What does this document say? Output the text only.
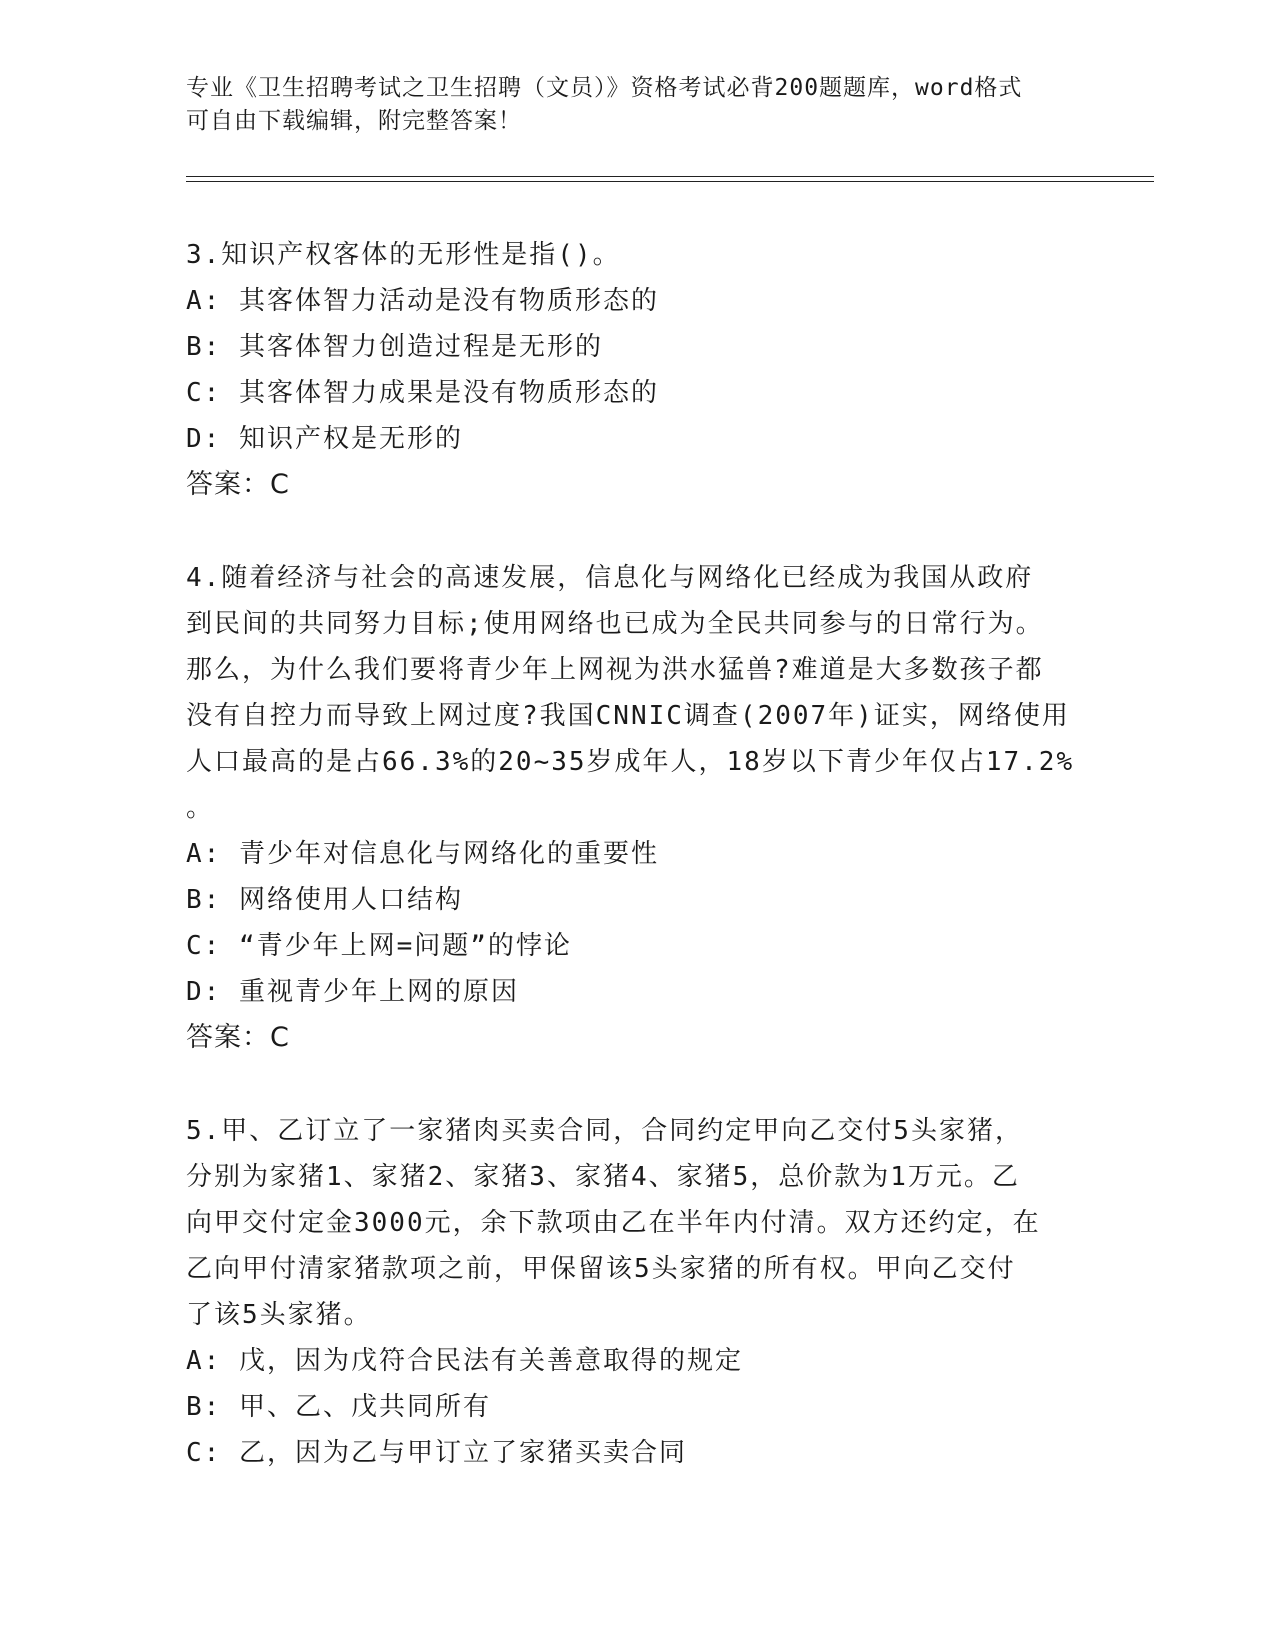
专业《卫生招聘考试之卫生招聘（文员）》资格考试必背200题题库，word格式
可自由下载编辑，附完整答案！
3.知识产权客体的无形性是指()。
A: 其客体智力活动是没有物质形态的
B: 其客体智力创造过程是无形的
C: 其客体智力成果是没有物质形态的
D: 知识产权是无形的
答案：C
4.随着经济与社会的高速发展，信息化与网络化已经成为我国从政府
到民间的共同努力目标;使用网络也已成为全民共同参与的日常行为。
那么，为什么我们要将青少年上网视为洪水猛兽?难道是大多数孩子都
没有自控力而导致上网过度?我国CNNIC调查(2007年)证实，网络使用
人口最高的是占66.3%的20~35岁成年人，18岁以下青少年仅占17.2%
。
A: 青少年对信息化与网络化的重要性
B: 网络使用人口结构
C: “青少年上网=问题”的悖论
D: 重视青少年上网的原因
答案：C
5.甲、乙订立了一家猪肉买卖合同，合同约定甲向乙交付5头家猪，
分别为家猪1、家猪2、家猪3、家猪4、家猪5，总价款为1万元。乙
向甲交付定金3000元，余下款项由乙在半年内付清。双方还约定，在
乙向甲付清家猪款项之前，甲保留该5头家猪的所有权。甲向乙交付
了该5头家猪。
A: 戊，因为戊符合民法有关善意取得的规定
B: 甲、乙、戊共同所有
C: 乙，因为乙与甲订立了家猪买卖合同
